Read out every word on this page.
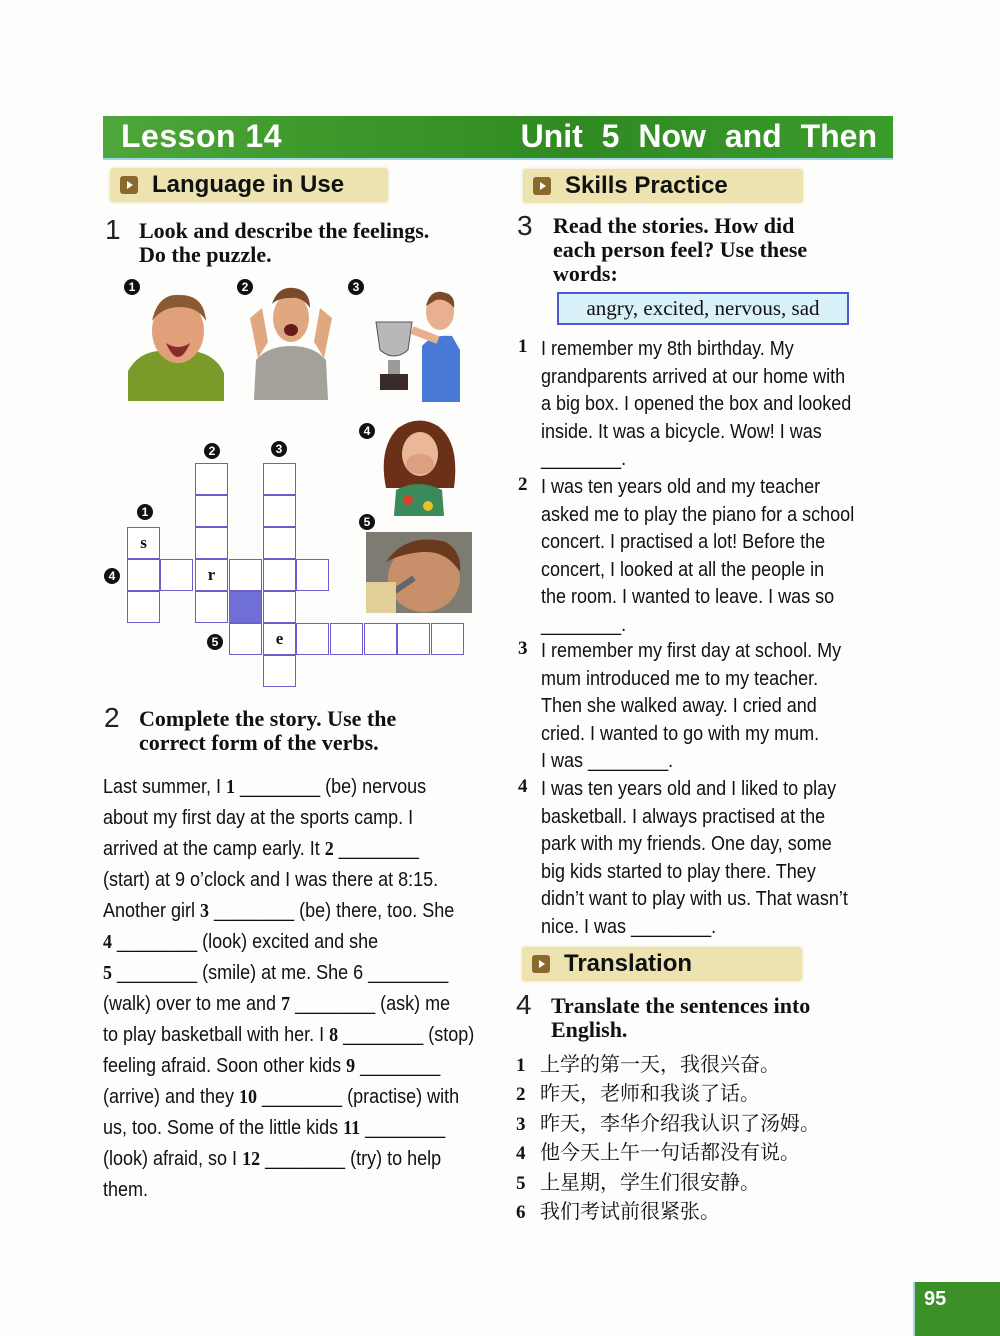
Lesson 14	Unit 5 Now and Then
Language in Use
1 Look and describe the feelings.
Do the puzzle.
1	2	3
2	3
1
4
5
s
r
e
4
5
2 Complete the story. Use the
correct form of the verbs.
Last summer, I 1 ________ (be) nervous
about my first day at the sports camp. I
arrived at the camp early. It 2 ________
(start) at 9 o’clock and I was there at 8:15.
Another girl 3 ________ (be) there, too. She
4 ________ (look) excited and she
5 ________ (smile) at me. She 6 ________
(walk) over to me and 7 ________ (ask) me
to play basketball with her. I 8 ________ (stop)
feeling afraid. Soon other kids 9 ________
(arrive) and they 10 ________ (practise) with
us, too. Some of the little kids 11 ________
(look) afraid, so I 12 ________ (try) to help
them.
Skills Practice
3 Read the stories. How did
each person feel? Use these
words:
angry, excited, nervous, sad
1 I remember my 8th birthday. My
grandparents arrived at our home with
a big box. I opened the box and looked
inside. It was a bicycle. Wow! I was
________.
2 I was ten years old and my teacher
asked me to play the piano for a school
concert. I practised a lot! Before the
concert, I looked at all the people in
the room. I wanted to leave. I was so
________.
3 I remember my first day at school. My
mum introduced me to my teacher.
Then she walked away. I cried and
cried. I wanted to go with my mum.
I was ________.
4 I was ten years old and I liked to play
basketball. I always practised at the
park with my friends. One day, some
big kids started to play there. They
didn’t want to play with us. That wasn’t
nice. I was ________.
Translation
4 Translate the sentences into
English.
1 上学的第一天，我很兴奋。
2 昨天，老师和我谈了话。
3 昨天，李华介绍我认识了汤姆。
4 他今天上午一句话都没有说。
5 上星期，学生们很安静。
6 我们考试前很紧张。
95
